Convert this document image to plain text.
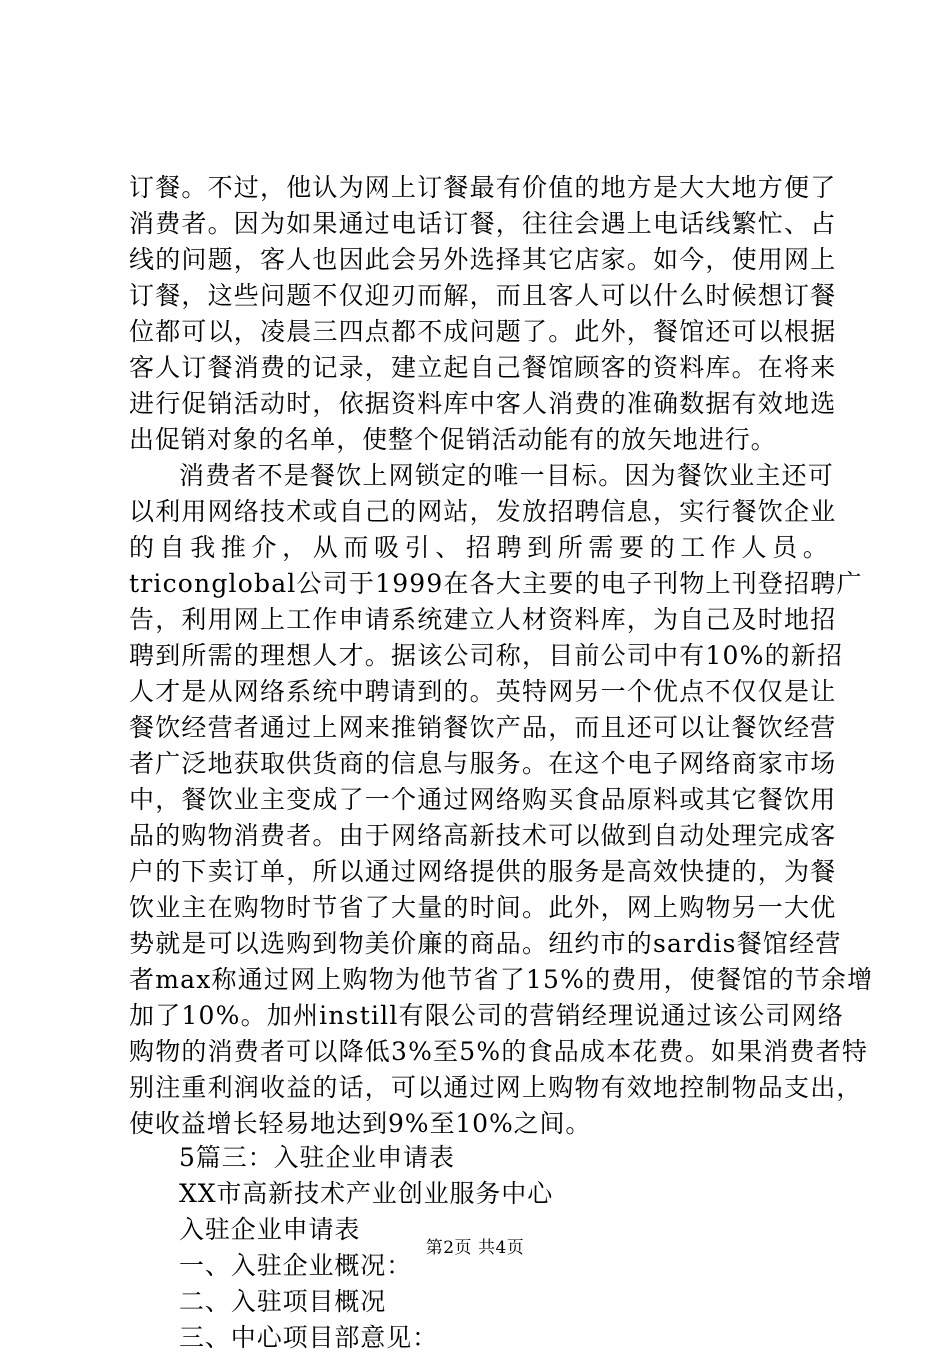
订餐。不过，他认为网上订餐最有价值的地方是大大地方便了
消费者。因为如果通过电话订餐，往往会遇上电话线繁忙、占
线的问题，客人也因此会另外选择其它店家。如今，使用网上
订餐，这些问题不仅迎刃而解，而且客人可以什么时候想订餐
位都可以，凌晨三四点都不成问题了。此外，餐馆还可以根据
客人订餐消费的记录，建立起自己餐馆顾客的资料库。在将来
进行促销活动时，依据资料库中客人消费的准确数据有效地选
出促销对象的名单，使整个促销活动能有的放矢地进行。
消费者不是餐饮上网锁定的唯一目标。因为餐饮业主还可
以利用网络技术或自己的网站，发放招聘信息，实行餐饮企业
的自我推介，从而吸引、招聘到所需要的工作人员。
triconglobal公司于1999在各大主要的电子刊物上刊登招聘广
告，利用网上工作申请系统建立人材资料库，为自己及时地招
聘到所需的理想人才。据该公司称，目前公司中有10%的新招
人才是从网络系统中聘请到的。英特网另一个优点不仅仅是让
餐饮经营者通过上网来推销餐饮产品，而且还可以让餐饮经营
者广泛地获取供货商的信息与服务。在这个电子网络商家市场
中，餐饮业主变成了一个通过网络购买食品原料或其它餐饮用
品的购物消费者。由于网络高新技术可以做到自动处理完成客
户的下卖订单，所以通过网络提供的服务是高效快捷的，为餐
饮业主在购物时节省了大量的时间。此外，网上购物另一大优
势就是可以选购到物美价廉的商品。纽约市的sardis餐馆经营
者max称通过网上购物为他节省了15%的费用，使餐馆的节余增
加了10%。加州instill有限公司的营销经理说通过该公司网络
购物的消费者可以降低3%至5%的食品成本花费。如果消费者特
别注重利润收益的话，可以通过网上购物有效地控制物品支出，
使收益增长轻易地达到9%至10%之间。
5篇三：入驻企业申请表
XX市高新技术产业创业服务中心
入驻企业申请表
一、入驻企业概况：
二、入驻项目概况
三、中心项目部意见：
第2页 共4页
